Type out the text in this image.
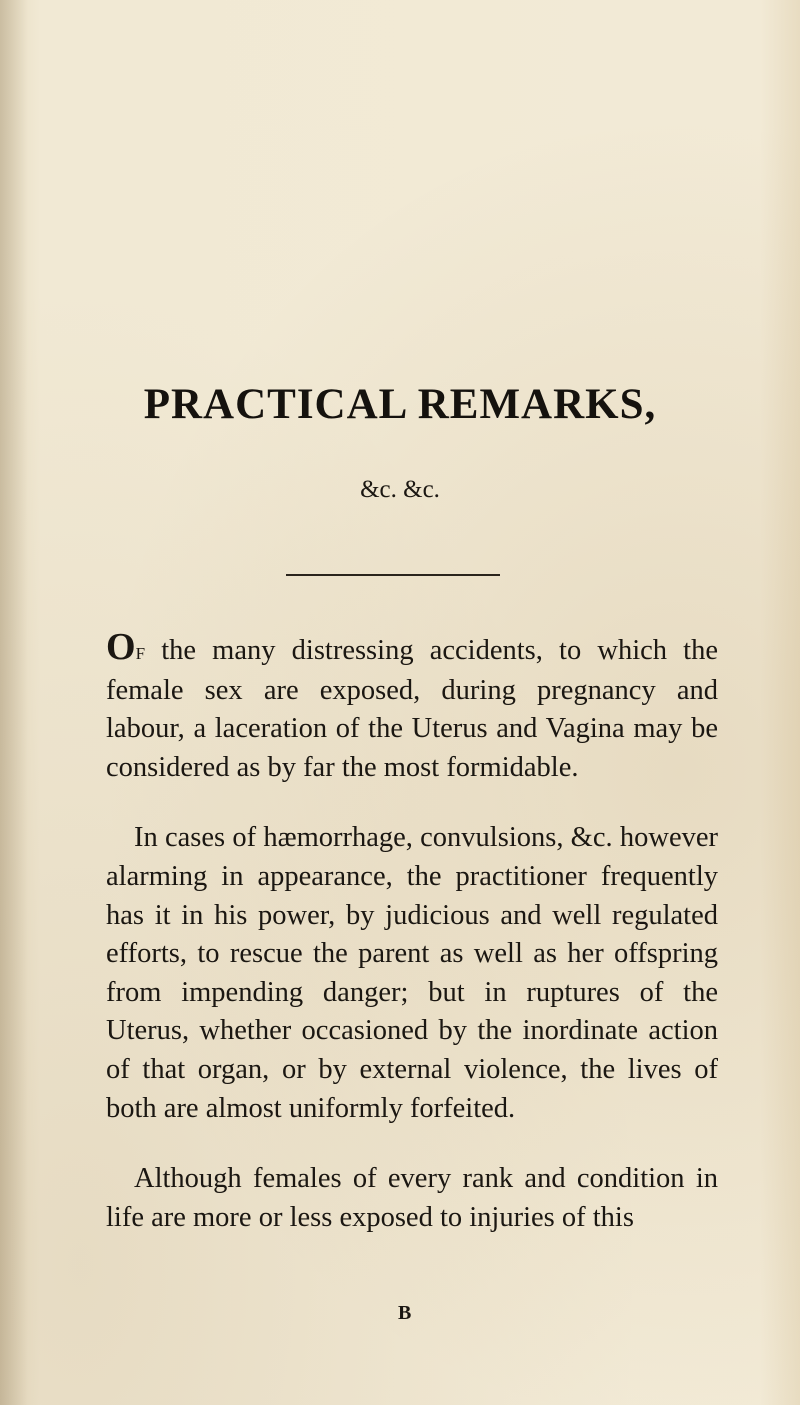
PRACTICAL REMARKS,
&c. &c.

Of the many distressing accidents, to which the female sex are exposed, during pregnancy and labour, a laceration of the Uterus and Vagina may be considered as by far the most formidable.

In cases of hæmorrhage, convulsions, &c. however alarming in appearance, the practitioner frequently has it in his power, by judicious and well regulated efforts, to rescue the parent as well as her offspring from impending danger; but in ruptures of the Uterus, whether occasioned by the inordinate action of that organ, or by external violence, the lives of both are almost uniformly forfeited.

Although females of every rank and condition in life are more or less exposed to injuries of this

B
